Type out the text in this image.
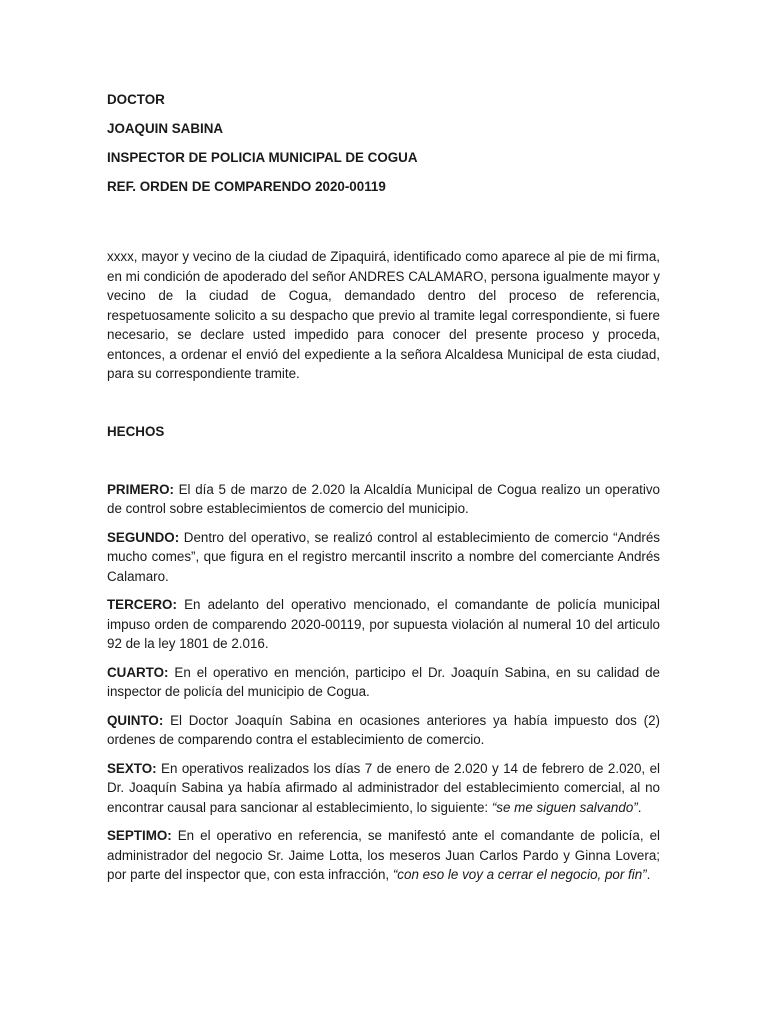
DOCTOR

JOAQUIN SABINA

INSPECTOR DE POLICIA MUNICIPAL DE COGUA

REF. ORDEN DE COMPARENDO 2020-00119

xxxx, mayor y vecino de la ciudad de Zipaquirá, identificado como aparece al pie de mi firma, en mi condición de apoderado del señor ANDRES CALAMARO, persona igualmente mayor y vecino de la ciudad de Cogua, demandado dentro del proceso de referencia, respetuosamente solicito a su despacho que previo al tramite legal correspondiente, si fuere necesario, se declare usted impedido para conocer del presente proceso y proceda, entonces, a ordenar el envió del expediente a la señora Alcaldesa Municipal de esta ciudad, para su correspondiente tramite.

HECHOS

PRIMERO: El día 5 de marzo de 2.020 la Alcaldía Municipal de Cogua realizo un operativo de control sobre establecimientos de comercio del municipio.

SEGUNDO: Dentro del operativo, se realizó control al establecimiento de comercio “Andrés mucho comes”, que figura en el registro mercantil inscrito a nombre del comerciante Andrés Calamaro.

TERCERO: En adelanto del operativo mencionado, el comandante de policía municipal impuso orden de comparendo 2020-00119, por supuesta violación al numeral 10 del articulo 92 de la ley 1801 de 2.016.

CUARTO: En el operativo en mención, participo el Dr. Joaquín Sabina, en su calidad de inspector de policía del municipio de Cogua.

QUINTO: El Doctor Joaquín Sabina en ocasiones anteriores ya había impuesto dos (2) ordenes de comparendo contra el establecimiento de comercio.

SEXTO: En operativos realizados los días 7 de enero de 2.020 y 14 de febrero de 2.020, el Dr. Joaquín Sabina ya había afirmado al administrador del establecimiento comercial, al no encontrar causal para sancionar al establecimiento, lo siguiente: “se me siguen salvando”.

SEPTIMO: En el operativo en referencia, se manifestó ante el comandante de policía, el administrador del negocio Sr. Jaime Lotta, los meseros Juan Carlos Pardo y Ginna Lovera; por parte del inspector que, con esta infracción, “con eso le voy a cerrar el negocio, por fin”.
